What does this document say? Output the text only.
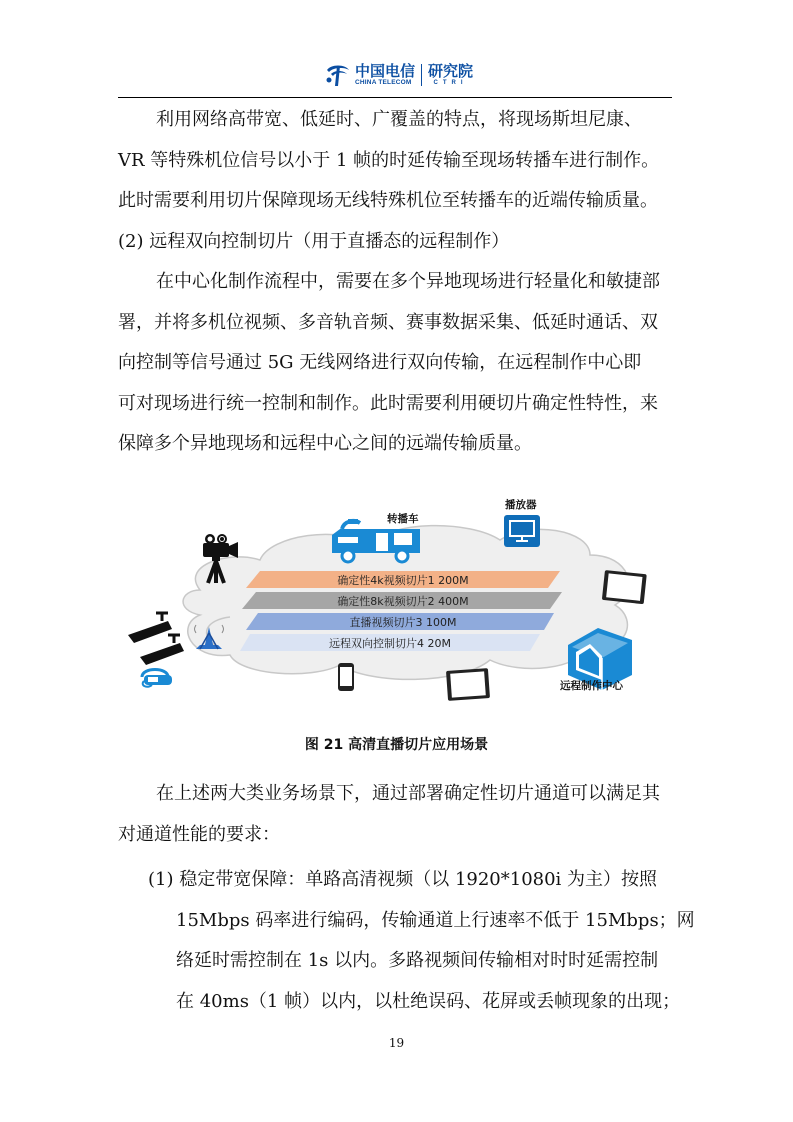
中国电信
CHINA TELECOM
研究院
CTRI
利用网络高带宽、低延时、广覆盖的特点，将现场斯坦尼康、
VR 等特殊机位信号以小于 1 帧的时延传输至现场转播车进行制作。
此时需要利用切片保障现场无线特殊机位至转播车的近端传输质量。
(2) 远程双向控制切片（用于直播态的远程制作）
在中心化制作流程中，需要在多个异地现场进行轻量化和敏捷部
署，并将多机位视频、多音轨音频、赛事数据采集、低延时通话、双
向控制等信号通过 5G 无线网络进行双向传输，在远程制作中心即
可对现场进行统一控制和制作。此时需要利用硬切片确定性特性，来
保障多个异地现场和远程中心之间的远端传输质量。
确定性4k视频切片1 200M
确定性8k视频切片2 400M
直播视频切片3 100M
远程双向控制切片4 20M
转播车
播放器
远程制作中心
图 21 高清直播切片应用场景
在上述两大类业务场景下，通过部署确定性切片通道可以满足其
对通道性能的要求：
(1) 稳定带宽保障：单路高清视频（以 1920*1080i 为主）按照
15Mbps 码率进行编码，传输通道上行速率不低于 15Mbps；网
络延时需控制在 1s 以内。多路视频间传输相对时时延需控制
在 40ms（1 帧）以内，以杜绝误码、花屏或丢帧现象的出现；
19
